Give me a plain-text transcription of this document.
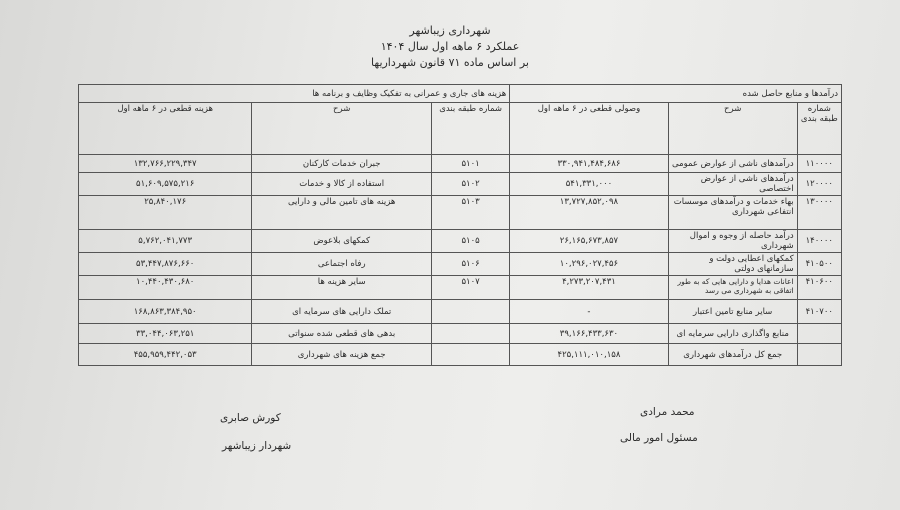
شهرداری زیباشهر
عملکرد ۶ ماهه اول سال ۱۴۰۴
بر اساس ماده ۷۱ قانون شهرداریها
درآمدها و منابع حاصل شده			هزینه های جاری و عمرانی به تفکیک وظایف و برنامه ها		
شماره طبقه بندی	شرح	وصولی قطعی در ۶ ماهه اول	شماره طبقه بندی	شرح	هزینه قطعی در ۶ ماهه اول
۱۱۰۰۰۰	درآمدهای ناشی از عوارض عمومی	۳۳۰,۹۴۱,۴۸۴,۶۸۶	۵۱۰۱	جبران خدمات کارکنان	۱۳۲,۷۶۶,۲۲۹,۳۴۷
۱۲۰۰۰۰	درآمدهای ناشی از عوارض اختصاصی	۵۴۱,۳۳۱,۰۰۰	۵۱۰۲	استفاده از کالا و خدمات	۵۱,۶۰۹,۵۷۵,۲۱۶
۱۳۰۰۰۰	بهاء خدمات و درآمدهای موسسات انتفاعی شهرداری	۱۳,۷۲۷,۸۵۲,۰۹۸	۵۱۰۳	هزینه های تامین مالی و دارایی	۲۵,۸۴۰,۱۷۶
۱۴۰۰۰۰	درآمد حاصله از وجوه و اموال شهرداری	۲۶,۱۶۵,۶۷۳,۸۵۷	۵۱۰۵	کمکهای بلاعوض	۵,۷۶۲,۰۴۱,۷۷۳
۴۱۰۵۰۰	کمکهای اعطایی دولت و سازمانهای دولتی	۱۰,۲۹۶,۰۲۷,۴۵۶	۵۱۰۶	رفاه اجتماعی	۵۳,۴۴۷,۸۷۶,۶۶۰
۴۱۰۶۰۰	اعانات هدایا و دارایی هایی که به طور اتفاقی به شهرداری می رسد	۴,۲۷۳,۲۰۷,۴۳۱	۵۱۰۷	سایر هزینه ها	۱۰,۴۴۰,۴۳۰,۶۸۰
۴۱۰۷۰۰	سایر منابع تامین اعتبار	-		تملک دارایی های سرمایه ای	۱۶۸,۸۶۳,۳۸۴,۹۵۰
	منابع واگذاری دارایی سرمایه ای	۳۹,۱۶۶,۴۳۳,۶۳۰		بدهی های قطعی شده سنواتی	۳۳,۰۴۴,۰۶۳,۲۵۱
	جمع کل درآمدهای شهرداری	۴۲۵,۱۱۱,۰۱۰,۱۵۸		جمع هزینه های شهرداری	۴۵۵,۹۵۹,۴۴۲,۰۵۳
کورش صابری
شهردار زیباشهر
محمد مرادی
مسئول امور مالی
